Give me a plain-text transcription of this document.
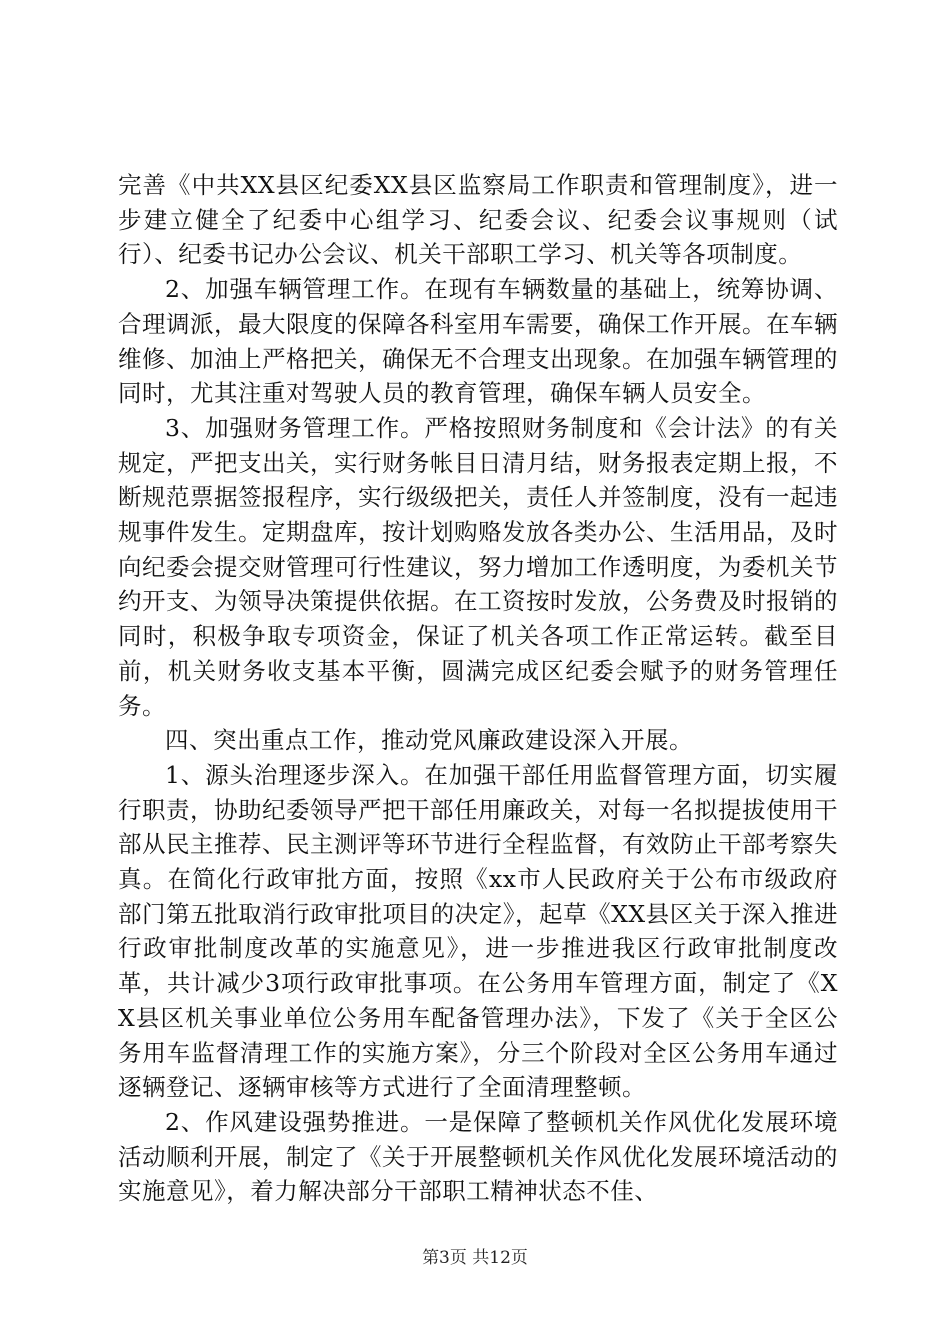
完善《中共XX县区纪委XX县区监察局工作职责和管理制度》，进一步建立健全了纪委中心组学习、纪委会议、纪委会议事规则（试行）、纪委书记办公会议、机关干部职工学习、机关等各项制度。

2、加强车辆管理工作。在现有车辆数量的基础上，统筹协调、合理调派，最大限度的保障各科室用车需要，确保工作开展。在车辆维修、加油上严格把关，确保无不合理支出现象。在加强车辆管理的同时，尤其注重对驾驶人员的教育管理，确保车辆人员安全。

3、加强财务管理工作。严格按照财务制度和《会计法》的有关规定，严把支出关，实行财务帐目日清月结，财务报表定期上报，不断规范票据签报程序，实行级级把关，责任人并签制度，没有一起违规事件发生。定期盘库，按计划购赂发放各类办公、生活用品，及时向纪委会提交财管理可行性建议，努力增加工作透明度，为委机关节约开支、为领导决策提供依据。在工资按时发放，公务费及时报销的同时，积极争取专项资金，保证了机关各项工作正常运转。截至目前，机关财务收支基本平衡，圆满完成区纪委会赋予的财务管理任务。

四、突出重点工作，推动党风廉政建设深入开展。

1、源头治理逐步深入。在加强干部任用监督管理方面，切实履行职责，协助纪委领导严把干部任用廉政关，对每一名拟提拔使用干部从民主推荐、民主测评等环节进行全程监督，有效防止干部考察失真。在简化行政审批方面，按照《xx市人民政府关于公布市级政府部门第五批取消行政审批项目的决定》，起草《XX县区关于深入推进行政审批制度改革的实施意见》，进一步推进我区行政审批制度改革，共计减少3项行政审批事项。在公务用车管理方面，制定了《XX县区机关事业单位公务用车配备管理办法》，下发了《关于全区公务用车监督清理工作的实施方案》，分三个阶段对全区公务用车通过逐辆登记、逐辆审核等方式进行了全面清理整顿。

2、作风建设强势推进。一是保障了整顿机关作风优化发展环境活动顺利开展，制定了《关于开展整顿机关作风优化发展环境活动的实施意见》，着力解决部分干部职工精神状态不佳、

第3页 共12页
